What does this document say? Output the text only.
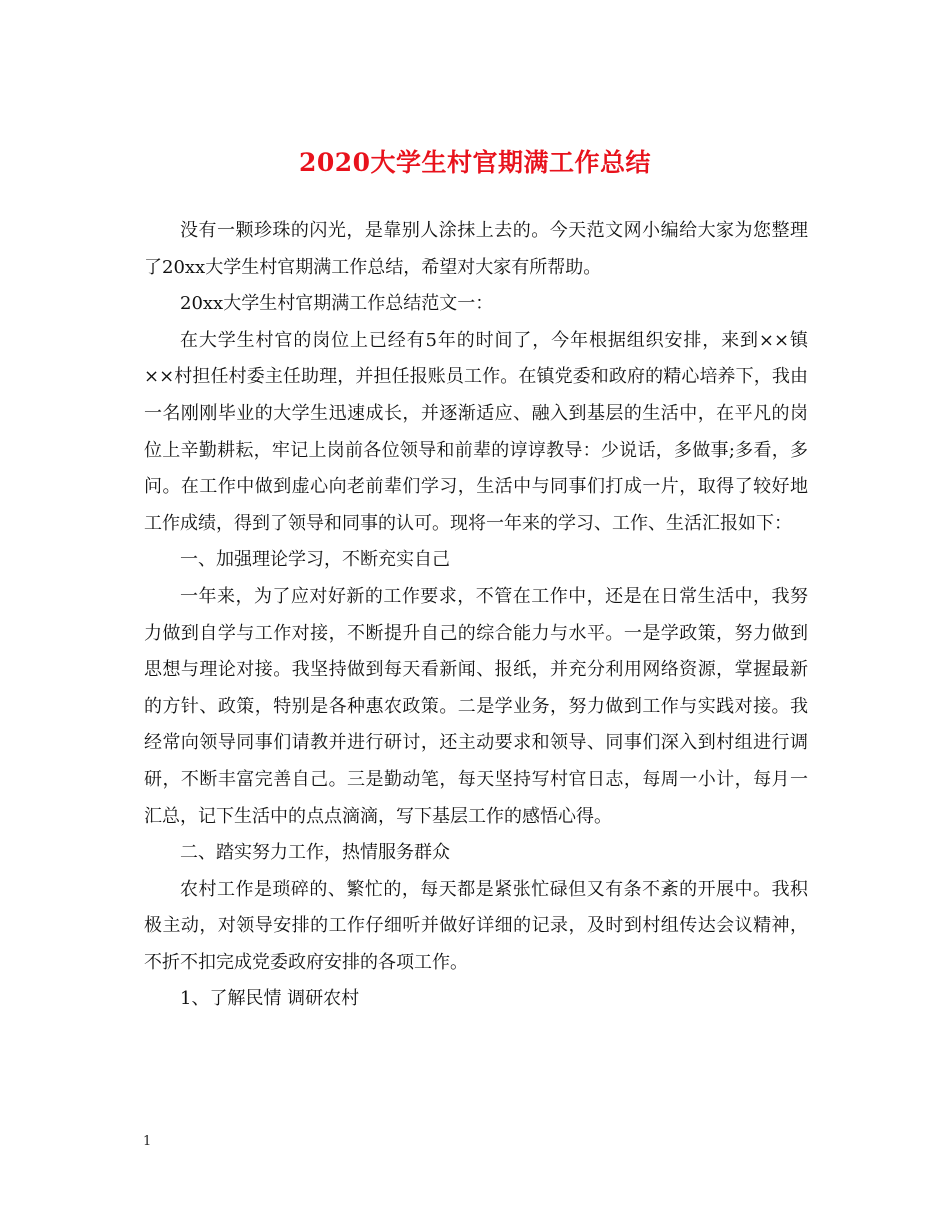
2020大学生村官期满工作总结

没有一颗珍珠的闪光，是靠别人涂抹上去的。今天范文网小编给大家为您整理了20xx大学生村官期满工作总结，希望对大家有所帮助。

20xx大学生村官期满工作总结范文一：

在大学生村官的岗位上已经有5年的时间了，今年根据组织安排，来到××镇××村担任村委主任助理，并担任报账员工作。在镇党委和政府的精心培养下，我由一名刚刚毕业的大学生迅速成长，并逐渐适应、融入到基层的生活中，在平凡的岗位上辛勤耕耘，牢记上岗前各位领导和前辈的谆谆教导：少说话，多做事;多看，多问。在工作中做到虚心向老前辈们学习，生活中与同事们打成一片，取得了较好地工作成绩，得到了领导和同事的认可。现将一年来的学习、工作、生活汇报如下：

一、加强理论学习，不断充实自己

一年来，为了应对好新的工作要求，不管在工作中，还是在日常生活中，我努力做到自学与工作对接，不断提升自己的综合能力与水平。一是学政策，努力做到思想与理论对接。我坚持做到每天看新闻、报纸，并充分利用网络资源，掌握最新的方针、政策，特别是各种惠农政策。二是学业务，努力做到工作与实践对接。我经常向领导同事们请教并进行研讨，还主动要求和领导、同事们深入到村组进行调研，不断丰富完善自己。三是勤动笔，每天坚持写村官日志，每周一小计，每月一汇总，记下生活中的点点滴滴，写下基层工作的感悟心得。

二、踏实努力工作，热情服务群众

农村工作是琐碎的、繁忙的，每天都是紧张忙碌但又有条不紊的开展中。我积极主动，对领导安排的工作仔细听并做好详细的记录，及时到村组传达会议精神，不折不扣完成党委政府安排的各项工作。

1、了解民情 调研农村

1
